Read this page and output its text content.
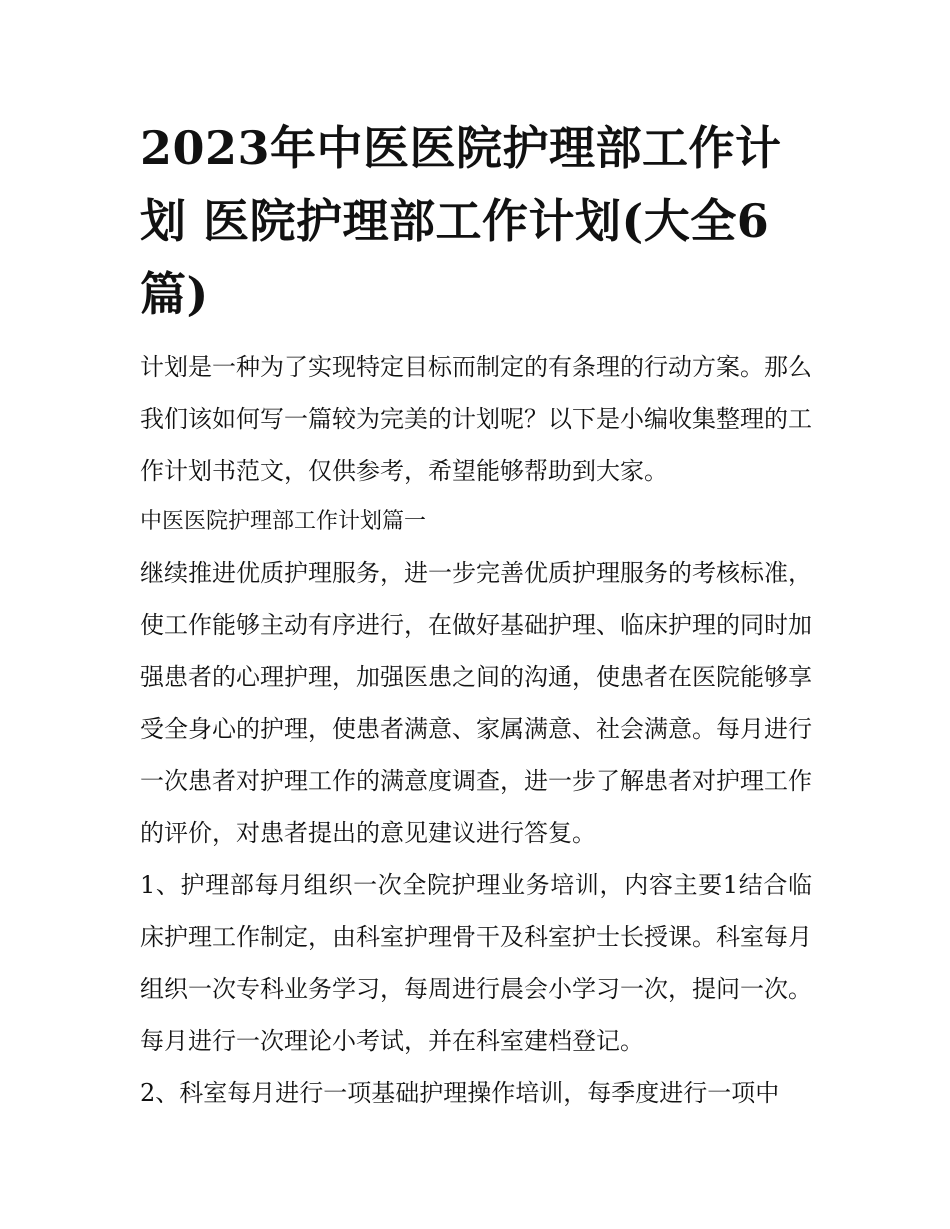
2023年中医医院护理部工作计划 医院护理部工作计划(大全6篇)

计划是一种为了实现特定目标而制定的有条理的行动方案。那么我们该如何写一篇较为完美的计划呢？以下是小编收集整理的工作计划书范文，仅供参考，希望能够帮助到大家。

中医医院护理部工作计划篇一

继续推进优质护理服务，进一步完善优质护理服务的考核标准，使工作能够主动有序进行，在做好基础护理、临床护理的同时加强患者的心理护理，加强医患之间的沟通，使患者在医院能够享受全身心的护理，使患者满意、家属满意、社会满意。每月进行一次患者对护理工作的满意度调查，进一步了解患者对护理工作的评价，对患者提出的意见建议进行答复。

1、护理部每月组织一次全院护理业务培训，内容主要1结合临床护理工作制定，由科室护理骨干及科室护士长授课。科室每月组织一次专科业务学习，每周进行晨会小学习一次，提问一次。每月进行一次理论小考试，并在科室建档登记。

2、科室每月进行一项基础护理操作培训，每季度进行一项中
